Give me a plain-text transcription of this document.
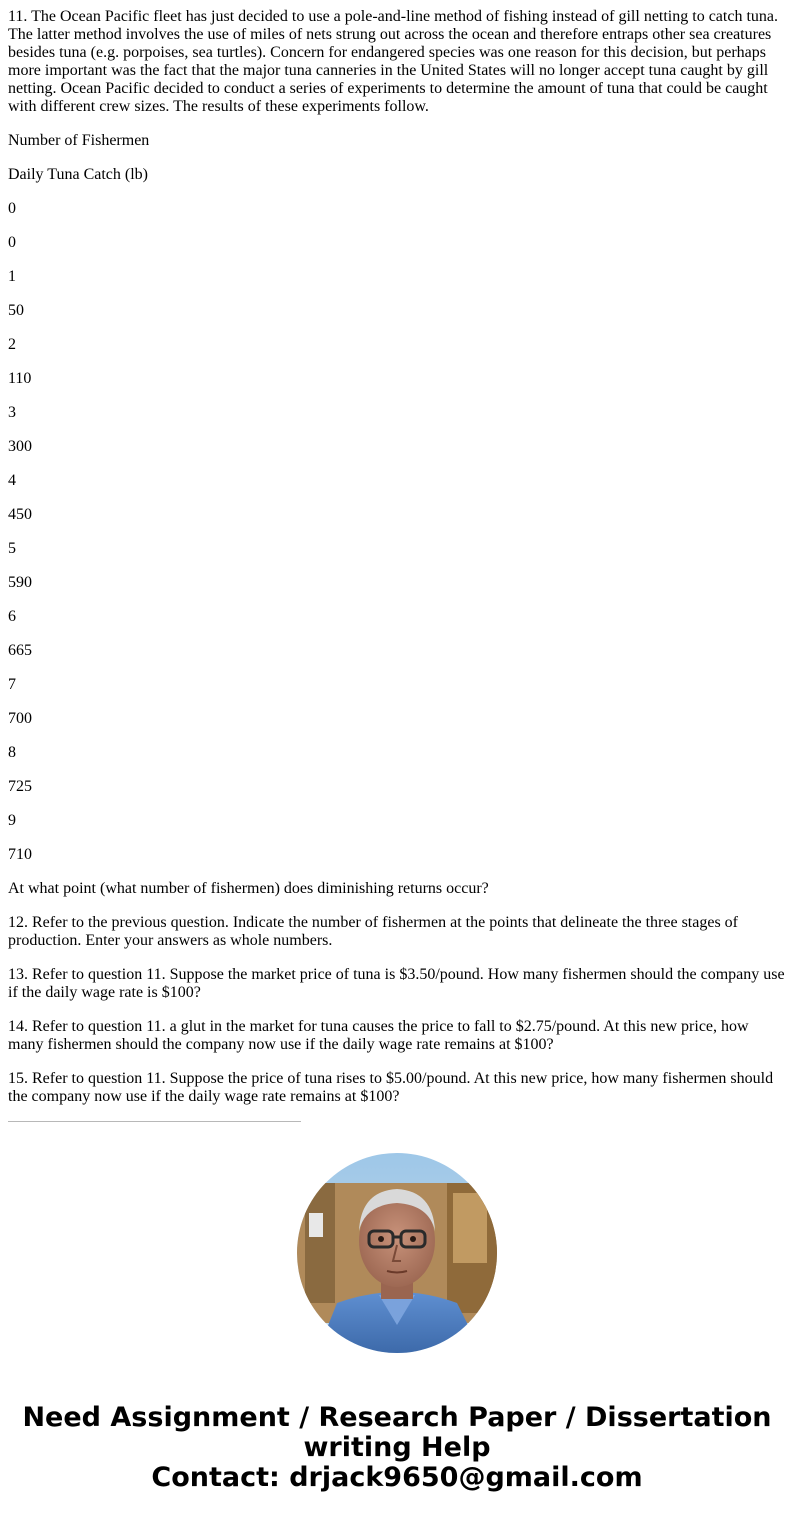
11. The Ocean Pacific fleet has just decided to use a pole-and-line method of fishing instead of gill netting to catch tuna. The latter method involves the use of miles of nets strung out across the ocean and therefore entraps other sea creatures besides tuna (e.g. porpoises, sea turtles). Concern for endangered species was one reason for this decision, but perhaps more important was the fact that the major tuna canneries in the United States will no longer accept tuna caught by gill netting. Ocean Pacific decided to conduct a series of experiments to determine the amount of tuna that could be caught with different crew sizes. The results of these experiments follow.

Number of Fishermen

Daily Tuna Catch (lb)

0

0

1

50

2

110

3

300

4

450

5

590

6

665

7

700

8

725

9

710

At what point (what number of fishermen) does diminishing returns occur?

12. Refer to the previous question. Indicate the number of fishermen at the points that delineate the three stages of production. Enter your answers as whole numbers.

13. Refer to question 11. Suppose the market price of tuna is $3.50/pound. How many fishermen should the company use if the daily wage rate is $100?

14. Refer to question 11. a glut in the market for tuna causes the price to fall to $2.75/pound. At this new price, how many fishermen should the company now use if the daily wage rate remains at $100?

15. Refer to question 11. Suppose the price of tuna rises to $5.00/pound. At this new price, how many fishermen should the company now use if the daily wage rate remains at $100?

Need Assignment / Research Paper / Dissertation
writing Help
Contact: drjack9650@gmail.com
